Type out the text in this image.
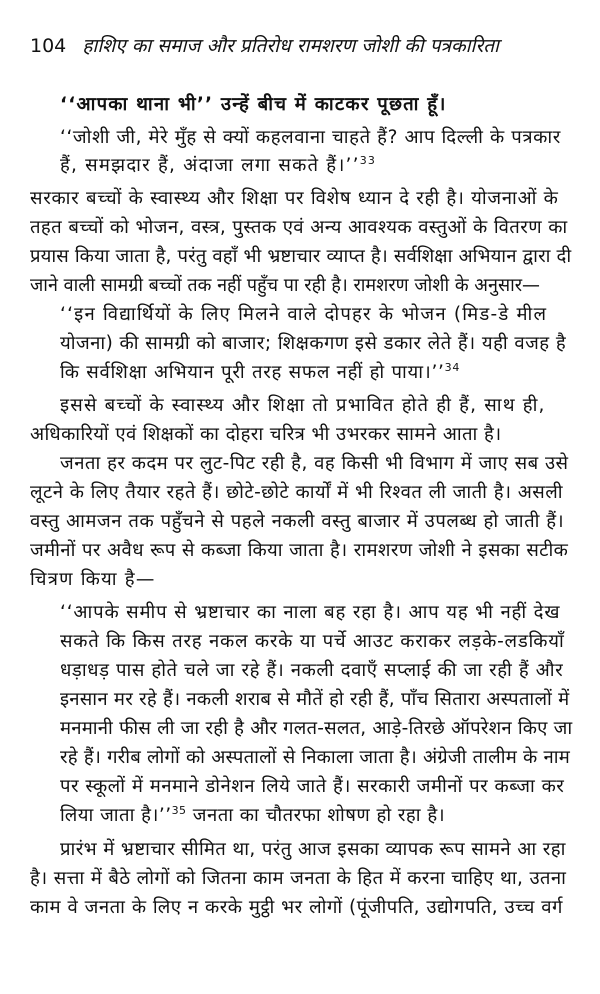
104 हाशिए का समाज और प्रतिरोध रामशरण जोशी की पत्रकारिता
‘‘आपका थाना भी’’ उन्हें बीच में काटकर पूछता हूँ।
‘‘जोशी जी, मेरे मुँह से क्यों कहलवाना चाहते हैं? आप दिल्ली के पत्रकार
हैं, समझदार हैं, अंदाजा लगा सकते हैं।’’$^{33}$
सरकार बच्चों के स्वास्थ्य और शिक्षा पर विशेष ध्यान दे रही है। योजनाओं के
तहत बच्चों को भोजन, वस्त्र, पुस्तक एवं अन्य आवश्यक वस्तुओं के वितरण का
प्रयास किया जाता है, परंतु वहाँ भी भ्रष्टाचार व्याप्त है। सर्वशिक्षा अभियान द्वारा दी
जाने वाली सामग्री बच्चों तक नहीं पहुँच पा रही है। रामशरण जोशी के अनुसार—
‘‘इन विद्यार्थियों के लिए मिलने वाले दोपहर के भोजन (मिड-डे मील
योजना) की सामग्री को बाजार; शिक्षकगण इसे डकार लेते हैं। यही वजह है
कि सर्वशिक्षा अभियान पूरी तरह सफल नहीं हो पाया।’’$^{34}$
इससे बच्चों के स्वास्थ्य और शिक्षा तो प्रभावित होते ही हैं, साथ ही,
अधिकारियों एवं शिक्षकों का दोहरा चरित्र भी उभरकर सामने आता है।
जनता हर कदम पर लुट-पिट रही है, वह किसी भी विभाग में जाए सब उसे
लूटने के लिए तैयार रहते हैं। छोटे-छोटे कार्यों में भी रिश्वत ली जाती है। असली
वस्तु आमजन तक पहुँचने से पहले नकली वस्तु बाजार में उपलब्ध हो जाती हैं।
जमीनों पर अवैध रूप से कब्जा किया जाता है। रामशरण जोशी ने इसका सटीक
चित्रण किया है—
‘‘आपके समीप से भ्रष्टाचार का नाला बह रहा है। आप यह भी नहीं देख
सकते कि किस तरह नकल करके या पर्चे आउट कराकर लड़के-लडकियाँ
धड़ाधड़ पास होते चले जा रहे हैं। नकली दवाएँ सप्लाई की जा रही हैं और
इनसान मर रहे हैं। नकली शराब से मौतें हो रही हैं, पाँच सितारा अस्पतालों में
मनमानी फीस ली जा रही है और गलत-सलत, आड़े-तिरछे ऑपरेशन किए जा
रहे हैं। गरीब लोगों को अस्पतालों से निकाला जाता है। अंग्रेजी तालीम के नाम
पर स्कूलों में मनमाने डोनेशन लिये जाते हैं। सरकारी जमीनों पर कब्जा कर
लिया जाता है।’’$^{35}$ जनता का चौतरफा शोषण हो रहा है।
प्रारंभ में भ्रष्टाचार सीमित था, परंतु आज इसका व्यापक रूप सामने आ रहा
है। सत्ता में बैठे लोगों को जितना काम जनता के हित में करना चाहिए था, उतना
काम वे जनता के लिए न करके मुट्ठी भर लोगों (पूंजीपति, उद्योगपति, उच्च वर्ग
